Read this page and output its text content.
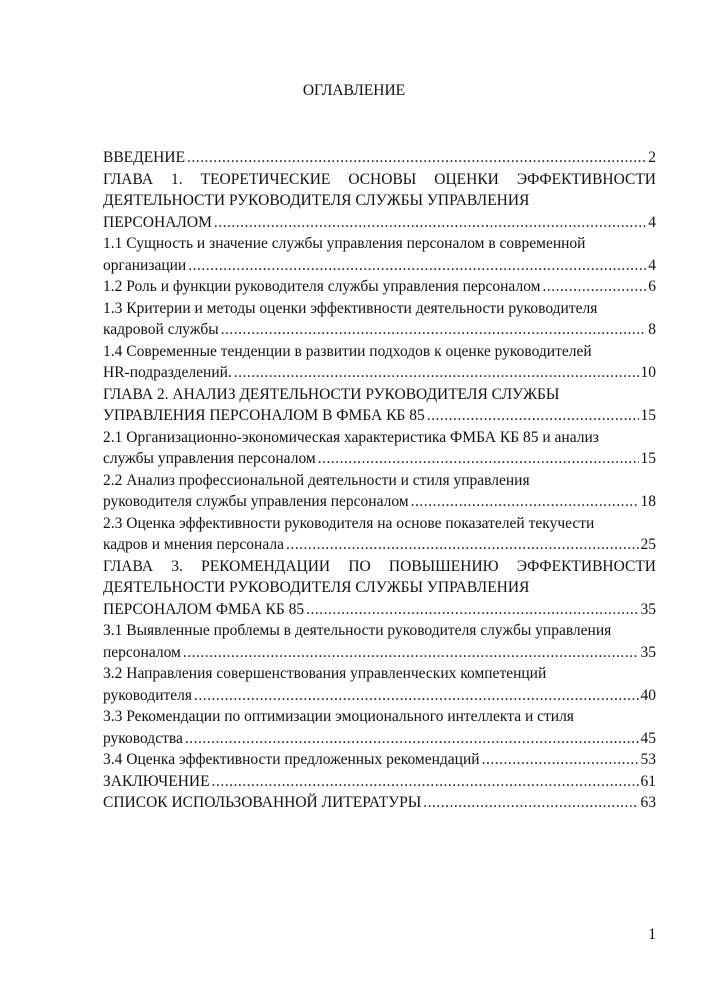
ОГЛАВЛЕНИЕ
ВВЕДЕНИЕ .....	2
ГЛАВА 1. ТЕОРЕТИЧЕСКИЕ ОСНОВЫ ОЦЕНКИ ЭФФЕКТИВНОСТИ ДЕЯТЕЛЬНОСТИ РУКОВОДИТЕЛЯ СЛУЖБЫ УПРАВЛЕНИЯ
ПЕРСОНАЛОМ .....	4
1.1 Сущность и значение службы управления персоналом в современной
организации .....	4
1.2 Роль и функции руководителя службы управления персоналом .....	6
1.3 Критерии и методы оценки эффективности деятельности руководителя
кадровой службы .....	8
1.4 Современные тенденции в развитии подходов к оценке руководителей
HR-подразделений. .....	10
ГЛАВА 2. АНАЛИЗ ДЕЯТЕЛЬНОСТИ РУКОВОДИТЕЛЯ СЛУЖБЫ
УПРАВЛЕНИЯ ПЕРСОНАЛОМ В ФМБА КБ 85 .....	15
2.1 Организационно-экономическая характеристика ФМБА КБ 85 и анализ
службы управления персоналом .....	15
2.2 Анализ профессиональной деятельности и стиля управления
руководителя службы управления персоналом .....	18
2.3 Оценка эффективности руководителя на основе показателей текучести
кадров и мнения персонала .....	25
ГЛАВА 3. РЕКОМЕНДАЦИИ ПО ПОВЫШЕНИЮ ЭФФЕКТИВНОСТИ ДЕЯТЕЛЬНОСТИ РУКОВОДИТЕЛЯ СЛУЖБЫ УПРАВЛЕНИЯ
ПЕРСОНАЛОМ ФМБА КБ 85 .....	35
3.1 Выявленные проблемы в деятельности руководителя службы управления
персоналом .....	35
3.2 Направления совершенствования управленческих компетенций
руководителя .....	40
3.3 Рекомендации по оптимизации эмоционального интеллекта и стиля
руководства .....	45
3.4 Оценка эффективности предложенных рекомендаций .....	53
ЗАКЛЮЧЕНИЕ .....	61
СПИСОК ИСПОЛЬЗОВАННОЙ ЛИТЕРАТУРЫ .....	63
1
